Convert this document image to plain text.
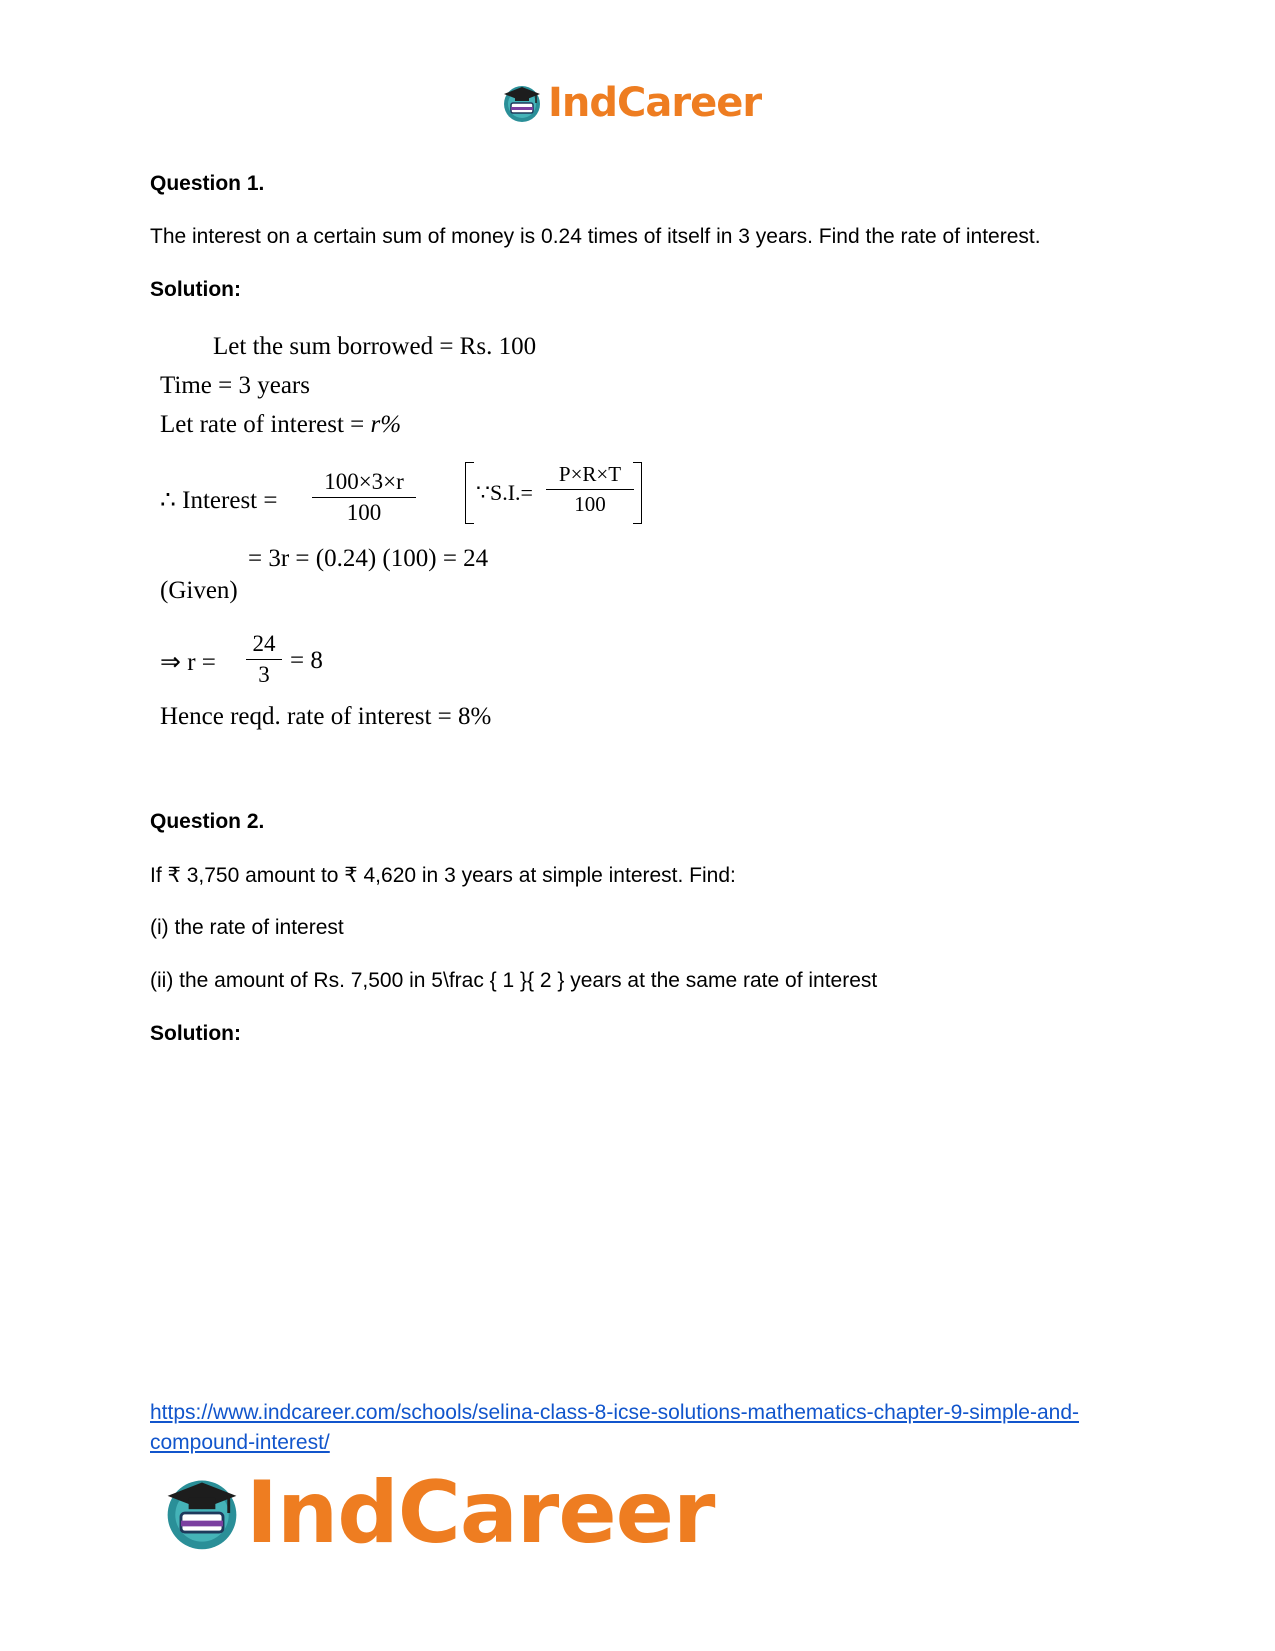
IndCareer
Question 1.
The interest on a certain sum of money is 0.24 times of itself in 3 years. Find the rate of interest.
Solution:
Let the sum borrowed = Rs. 100
Time = 3 years
Let rate of interest = r%
∴ Interest = $\frac{100\times 3\times r}{100}$	∵S.I.= $\frac{P\times R\times T}{100}$
= 3r = (0.24) (100) = 24
(Given)
⇒ $r = \frac{24}{3} = 8$
Hence reqd. rate of interest = 8%
Question 2.
If ₹ 3,750 amount to ₹ 4,620 in 3 years at simple interest. Find:
(i) the rate of interest
(ii) the amount of Rs. 7,500 in 5\frac { 1 }{ 2 } years at the same rate of interest
Solution:
https://www.indcareer.com/schools/selina-class-8-icse-solutions-mathematics-chapter-9-simple-and-compound-interest/
IndCareer
